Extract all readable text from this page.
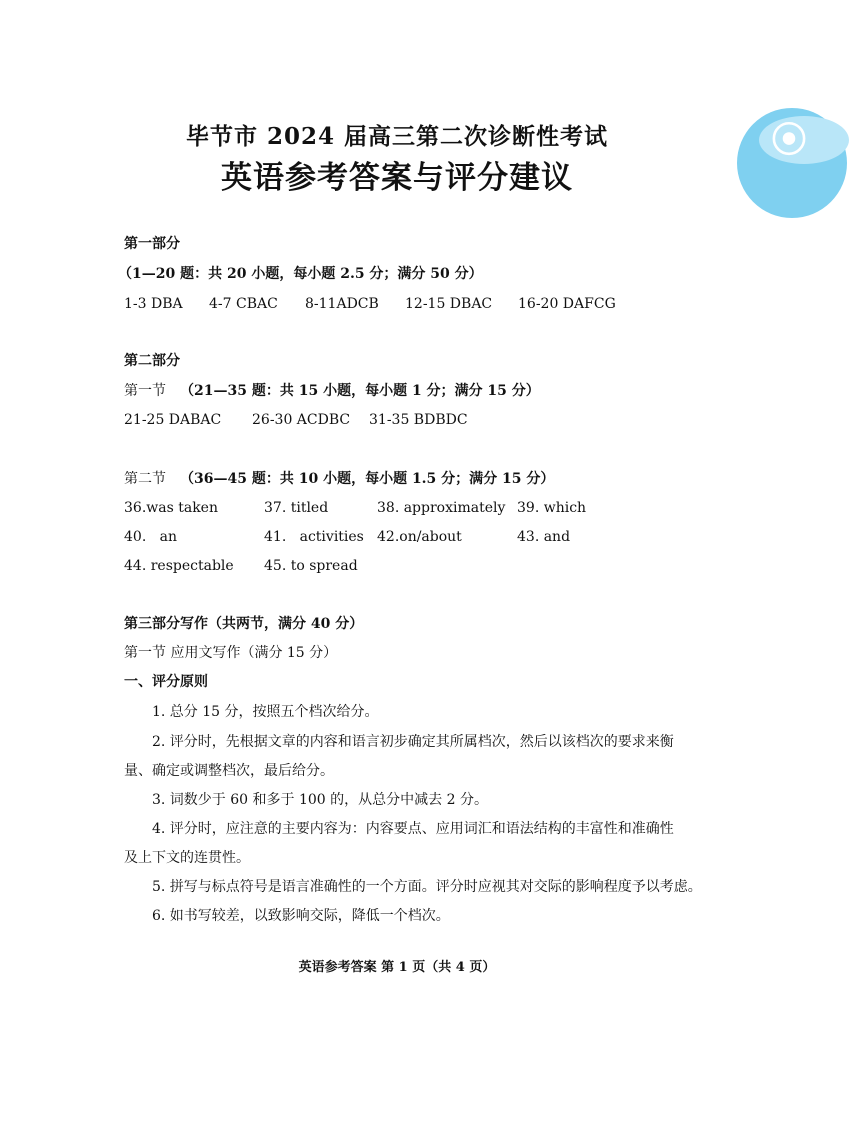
⦿
毕节市 2024 届高三第二次诊断性考试
英语参考答案与评分建议
第一部分
（1—20 题：共 20 小题，每小题 2.5 分；满分 50 分）
1-3 DBA 4-7 CBAC 8-11ADCB 12-15 DBAC 16-20 DAFCG
第二部分
第一节 （21—35 题：共 15 小题，每小题 1 分；满分 15 分）
21-25 DABAC 26-30 ACDBC 31-35 BDBDC
第二节 （36—45 题：共 10 小题，每小题 1.5 分；满分 15 分）
36.was taken	37. titled	38. approximately 39. which
40.   an	41.   activities 42.on/about	43. and
44. respectable 45. to spread
第三部分写作（共两节，满分 40 分）
第一节 应用文写作（满分 15 分）
一、评分原则
1. 总分 15 分，按照五个档次给分。
2. 评分时，先根据文章的内容和语言初步确定其所属档次，然后以该档次的要求来衡
量、确定或调整档次，最后给分。
3. 词数少于 60 和多于 100 的，从总分中减去 2 分。
4. 评分时，应注意的主要内容为：内容要点、应用词汇和语法结构的丰富性和准确性
及上下文的连贯性。
5. 拼写与标点符号是语言准确性的一个方面。评分时应视其对交际的影响程度予以考虑。
6. 如书写较差，以致影响交际，降低一个档次。
英语参考答案 第 1 页（共 4 页）
